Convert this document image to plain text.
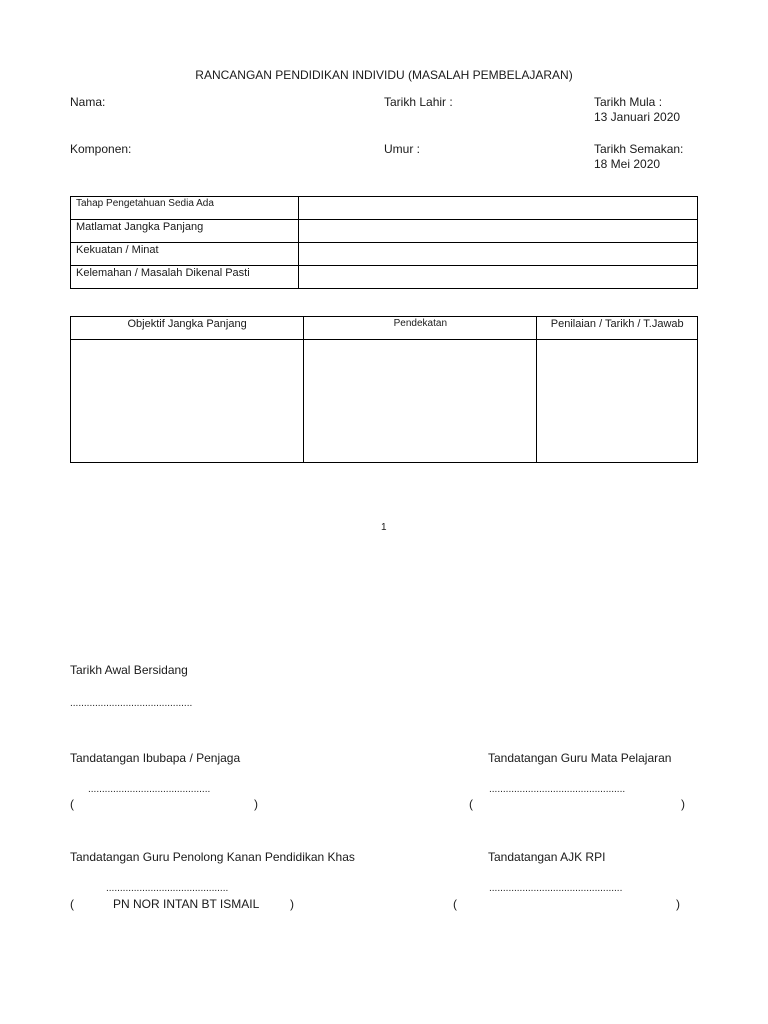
RANCANGAN PENDIDIKAN INDIVIDU (MASALAH PEMBELAJARAN)
Nama:	Tarikh Lahir :	Tarikh Mula :
13 Januari 2020
Komponen:	Umur :	Tarikh Semakan:
18 Mei 2020
Tahap Pengetahuan Sedia Ada	
Matlamat Jangka Panjang	
Kekuatan / Minat	
Kelemahan / Masalah Dikenal Pasti	
Objektif Jangka Panjang	Pendekatan	Penilaian / Tarikh / T.Jawab

1
Tarikh Awal Bersidang
............................................
Tandatangan Ibubapa / Penjaga
............................................
(	)
Tandatangan Guru Mata Pelajaran
.................................................
(	)
Tandatangan Guru Penolong Kanan Pendidikan Khas
............................................
(	PN NOR INTAN BT ISMAIL	)
Tandatangan AJK RPI
................................................
(	)
